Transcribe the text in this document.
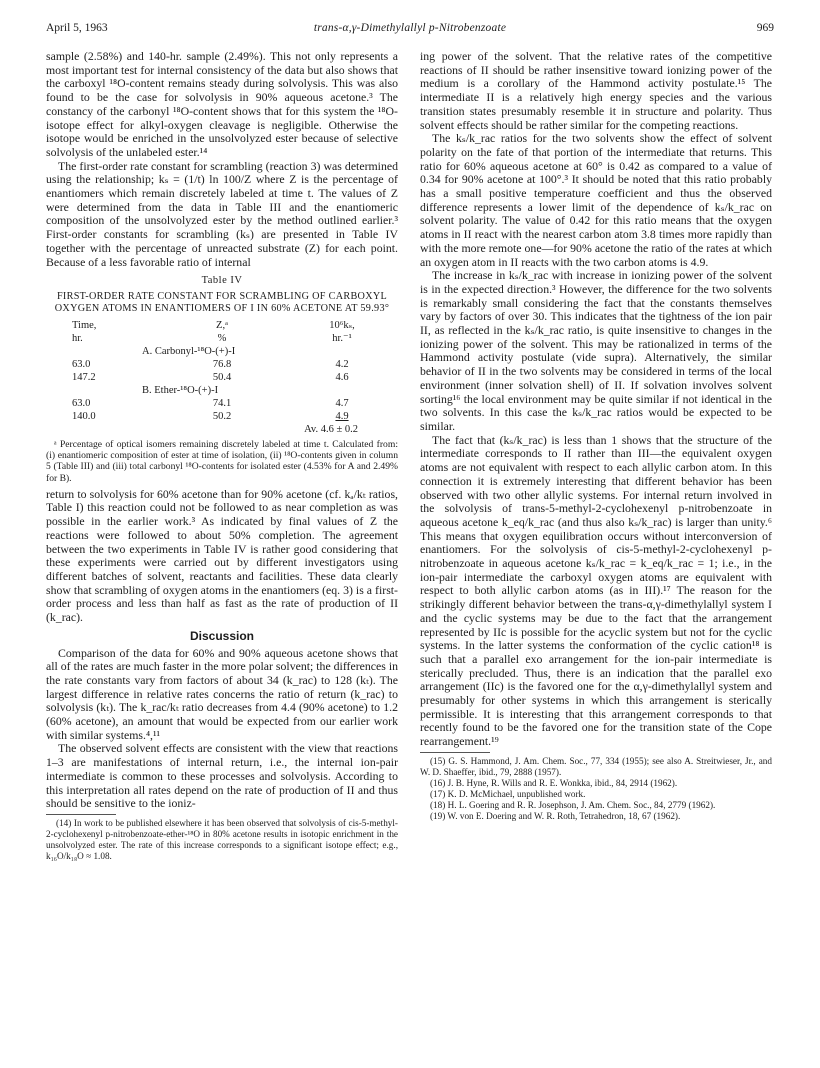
April 5, 1963	trans-α,γ-Dimethylallyl p-Nitrobenzoate	969

sample (2.58%) and 140-hr. sample (2.49%). This not only represents a most important test for internal consistency of the data but also shows that the carboxyl ¹⁸O-content remains steady during solvolysis. This was also found to be the case for solvolysis in 90% aqueous acetone.³ The constancy of the carbonyl ¹⁸O-content shows that for this system the ¹⁸O-isotope effect for alkyl-oxygen cleavage is negligible. Otherwise the isotope would be enriched in the unsolvolyzed ester because of selective solvolysis of the unlabeled ester.¹⁴

The first-order rate constant for scrambling (reaction 3) was determined using the relationship; kₛ = (1/t) ln 100/Z where Z is the percentage of enantiomers which remain discretely labeled at time t. The values of Z were determined from the data in Table III and the enantiomeric composition of the unsolvolyzed ester by the method outlined earlier.³ First-order constants for scrambling (kₛ) are presented in Table IV together with the percentage of unreacted substrate (Z) for each point. Because of a less favorable ratio of internal

Table IV
FIRST-ORDER RATE CONSTANT FOR SCRAMBLING OF CARBOXYL OXYGEN ATOMS IN ENANTIOMERS OF I IN 60% ACETONE AT 59.93°
Time,	Z,ᵃ	10⁶kₛ,
hr.	%	hr.⁻¹
A. Carbonyl-¹⁸O-(+)-I		
63.0	76.8	4.2
147.2	50.4	4.6
B. Ether-¹⁸O-(+)-I		
63.0	74.1	4.7
140.0	50.2	4.9
Av. 4.6 ± 0.2		
ᵃ Percentage of optical isomers remaining discretely labeled at time t. Calculated from: (i) enantiomeric composition of ester at time of isolation, (ii) ¹⁸O-contents given in column 5 (Table III) and (iii) total carbonyl ¹⁸O-contents for isolated ester (4.53% for A and 2.49% for B).

return to solvolysis for 60% acetone than for 90% acetone (cf. kₐ/kₜ ratios, Table I) this reaction could not be followed to as near completion as was possible in the earlier work.³ As indicated by final values of Z the reactions were followed to about 50% completion. The agreement between the two experiments in Table IV is rather good considering that these experiments were carried out by different investigators using different batches of solvent, reactants and facilities. These data clearly show that scrambling of oxygen atoms in the enantiomers (eq. 3) is a first-order process and less than half as fast as the rate of production of II (k_rac).

Discussion

Comparison of the data for 60% and 90% aqueous acetone shows that all of the rates are much faster in the more polar solvent; the differences in the rate constants vary from factors of about 34 (k_rac) to 128 (kₜ). The largest difference in relative rates concerns the ratio of return (k_rac) to solvolysis (kₜ). The k_rac/kₜ ratio decreases from 4.4 (90% acetone) to 1.2 (60% acetone), an amount that would be expected from our earlier work with similar systems.⁴,¹¹

The observed solvent effects are consistent with the view that reactions 1–3 are manifestations of internal return, i.e., the internal ion-pair intermediate is common to these processes and solvolysis. According to this interpretation all rates depend on the rate of production of II and thus should be sensitive to the ioniz-

(14) In work to be published elsewhere it has been observed that solvolysis of cis-5-methyl-2-cyclohexenyl p-nitrobenzoate-ether-¹⁸O in 80% acetone results in isotopic enrichment in the unsolvolyzed ester. The rate of this increase corresponds to a significant isotope effect; e.g., k₁₆O/k₁₈O ≈ 1.08.

ing power of the solvent. That the relative rates of the competitive reactions of II should be rather insensitive toward ionizing power of the medium is a corollary of the Hammond activity postulate.¹⁵ The intermediate II is a relatively high energy species and the various transition states presumably resemble it in structure and polarity. Thus solvent effects should be rather similar for the competing reactions.

The kₛ/k_rac ratios for the two solvents show the effect of solvent polarity on the fate of that portion of the intermediate that returns. This ratio for 60% aqueous acetone at 60° is 0.42 as compared to a value of 0.34 for 90% acetone at 100°.³ It should be noted that this ratio probably has a small positive temperature coefficient and thus the observed difference represents a lower limit of the dependence of kₛ/k_rac on solvent polarity. The value of 0.42 for this ratio means that the oxygen atoms in II react with the nearest carbon atom 3.8 times more rapidly than with the more remote one—for 90% acetone the ratio of the rates at which an oxygen atom in II reacts with the two carbon atoms is 4.9.

The increase in kₛ/k_rac with increase in ionizing power of the solvent is in the expected direction.³ However, the difference for the two solvents is remarkably small considering the fact that the constants themselves vary by factors of over 30. This indicates that the tightness of the ion pair II, as reflected in the kₛ/k_rac ratio, is quite insensitive to changes in the ionizing power of the solvent. This may be rationalized in terms of the Hammond activity postulate (vide supra). Alternatively, the similar behavior of II in the two solvents may be considered in terms of the local environment (inner solvation shell) of II. If solvation involves solvent sorting¹⁶ the local environment may be quite similar if not identical in the two solvents. In this case the kₛ/k_rac ratios would be expected to be similar.

The fact that (kₛ/k_rac) is less than 1 shows that the structure of the intermediate corresponds to II rather than III—the equivalent oxygen atoms are not equivalent with respect to each allylic carbon atom. In this connection it is extremely interesting that different behavior has been observed with two other allylic systems. For internal return involved in the solvolysis of trans-5-methyl-2-cyclohexenyl p-nitrobenzoate in aqueous acetone k_eq/k_rac (and thus also kₛ/k_rac) is larger than unity.⁶ This means that oxygen equilibration occurs without interconversion of enantiomers. For the solvolysis of cis-5-methyl-2-cyclohexenyl p-nitrobenzoate in aqueous acetone kₛ/k_rac = k_eq/k_rac = 1; i.e., in the ion-pair intermediate the carboxyl oxygen atoms are equivalent with respect to both allylic carbon atoms (as in III).¹⁷ The reason for the strikingly different behavior between the trans-α,γ-dimethylallyl system I and the cyclic systems may be due to the fact that the arrangement represented by IIc is possible for the acyclic system but not for the cyclic systems. In the latter systems the conformation of the cyclic cation¹⁸ is such that a parallel exo arrangement for the ion-pair intermediate is sterically precluded. Thus, there is an indication that the parallel exo arrangement (IIc) is the favored one for the α,γ-dimethylallyl system and presumably for other systems in which this arrangement is sterically permissible. It is interesting that this arrangement corresponds to that recently found to be the favored one for the transition state of the Cope rearrangement.¹⁹

(15) G. S. Hammond, J. Am. Chem. Soc., 77, 334 (1955); see also A. Streitwieser, Jr., and W. D. Shaeffer, ibid., 79, 2888 (1957).

(16) J. B. Hyne, R. Wills and R. E. Wonkka, ibid., 84, 2914 (1962).

(17) K. D. McMichael, unpublished work.

(18) H. L. Goering and R. R. Josephson, J. Am. Chem. Soc., 84, 2779 (1962).

(19) W. von E. Doering and W. R. Roth, Tetrahedron, 18, 67 (1962).
